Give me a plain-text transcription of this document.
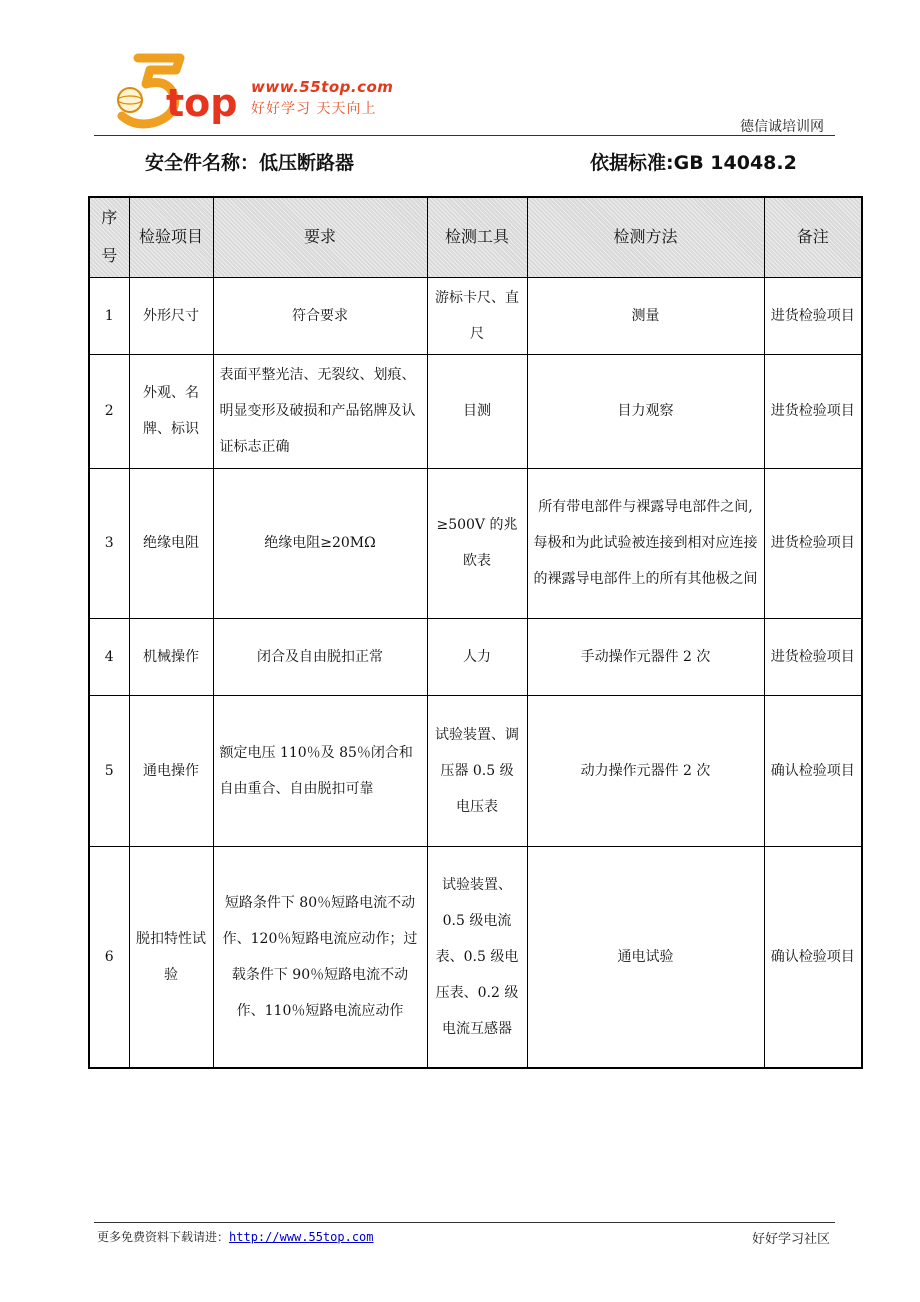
top www.55top.com
好好学习 天天向上
德信诚培训网
安全件名称：低压断路器	依据标准:GB 14048.2
序号	检验项目	要求	检测工具	检测方法	备注
1	外形尺寸	符合要求	游标卡尺、直尺	测量	进货检验项目
2	外观、名牌、标识	表面平整光洁、无裂纹、划痕、明显变形及破损和产品铭牌及认证标志正确	目测	目力观察	进货检验项目
3	绝缘电阻	绝缘电阻≥20MΩ	≥500V 的兆欧表	所有带电部件与裸露导电部件之间,每极和为此试验被连接到相对应连接的裸露导电部件上的所有其他极之间	进货检验项目
4	机械操作	闭合及自由脱扣正常	人力	手动操作元器件 2 次	进货检验项目
5	通电操作	额定电压 110％及 85％闭合和自由重合、自由脱扣可靠	试验装置、调压器 0.5 级电压表	动力操作元器件 2 次	确认检验项目
6	脱扣特性试验	短路条件下 80％短路电流不动作、120％短路电流应动作；过载条件下 90％短路电流不动作、110％短路电流应动作	试验装置、0.5 级电流表、0.5 级电压表、0.2 级电流互感器	通电试验	确认检验项目
更多免费资料下载请进：http://www.55top.com	好好学习社区
